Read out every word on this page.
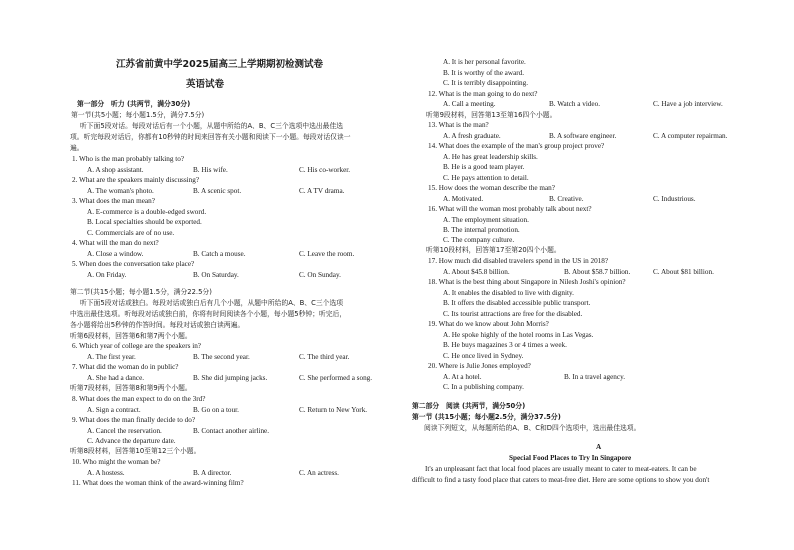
江苏省前黄中学2025届高三上学期期初检测试卷
英语试卷
第一部分　听力 (共两节，满分30分)
第一节(共5小题；每小题1.5分，满分7.5分)
听下面5段对话。每段对话后有一个小题，从题中所给的A、B、C三个选项中选出最佳选
项。听完每段对话后，你都有10秒钟的时间来回答有关小题和阅读下一小题。每段对话仅读一
遍。
1. Who is the man probably talking to?
A. A shop assistant.	B. His wife.	C. His co-worker.
2. What are the speakers mainly discussing?
A. The woman's photo.	B. A scenic spot.	C. A TV drama.
3. What does the man mean?
A. E-commerce is a double-edged sword.
B. Local specialties should be exported.
C. Commercials are of no use.
4. What will the man do next?
A. Close a window.	B. Catch a mouse.	C. Leave the room.
5. When does the conversation take place?
A. On Friday.	B. On Saturday.	C. On Sunday.
第二节(共15小题；每小题1.5分，满分22.5分)
听下面5段对话或独白。每段对话或独白后有几个小题，从题中所给的A、B、C三个选项
中选出最佳选项。听每段对话或独白前，你将有时间阅读各个小题，每小题5秒钟；听完后，
各小题将给出5秒钟的作答时间。每段对话或独白读两遍。
听第6段材料，回答第6和第7两个小题。
6. Which year of college are the speakers in?
A. The first year.	B. The second year.	C. The third year.
7. What did the woman do in public?
A. She had a dance.	B. She did jumping jacks.	C. She performed a song.
听第7段材料，回答第8和第9两个小题。
8. What does the man expect to do on the 3rd?
A. Sign a contract.	B. Go on a tour.	C. Return to New York.
9. What does the man finally decide to do?
A. Cancel the reservation.	B. Contact another airline.
C. Advance the departure date.
听第8段材料，回答第10至第12三个小题。
10. Who might the woman be?
A. A hostess.	B. A director.	C. An actress.
11. What does the woman think of the award-winning film?
A. It is her personal favorite.
B. It is worthy of the award.
C. It is terribly disappointing.
12. What is the man going to do next?
A. Call a meeting.	B. Watch a video.	C. Have a job interview.
听第9段材料，回答第13至第16四个小题。
13. What is the man?
A. A fresh graduate.	B. A software engineer.	C. A computer repairman.
14. What does the example of the man's group project prove?
A. He has great leadership skills.
B. He is a good team player.
C. He pays attention to detail.
15. How does the woman describe the man?
A. Motivated.	B. Creative.	C. Industrious.
16. What will the woman most probably talk about next?
A. The employment situation.
B. The internal promotion.
C. The company culture.
听第10段材料，回答第17至第20四个小题。
17. How much did disabled travelers spend in the US in 2018?
A. About $45.8 billion.	B. About $58.7 billion.	C. About $81 billion.
18. What is the best thing about Singapore in Nilesh Joshi's opinion?
A. It enables the disabled to live with dignity.
B. It offers the disabled accessible public transport.
C. Its tourist attractions are free for the disabled.
19. What do we know about John Morris?
A. He spoke highly of the hotel rooms in Las Vegas.
B. He buys magazines 3 or 4 times a week.
C. He once lived in Sydney.
20. Where is Julie Jones employed?
A. At a hotel.	B. In a travel agency.
C. In a publishing company.
第二部分　阅读 (共两节，满分50分)
第一节 (共15小题；每小题2.5分，满分37.5分)
阅读下列短文，从每题所给的A、B、C和D四个选项中，选出最佳选项。
A
Special Food Places to Try In Singapore
It's an unpleasant fact that local food places are usually meant to cater to meat-eaters. It can be
difficult to find a tasty food place that caters to meat-free diet. Here are some options to show you don't
